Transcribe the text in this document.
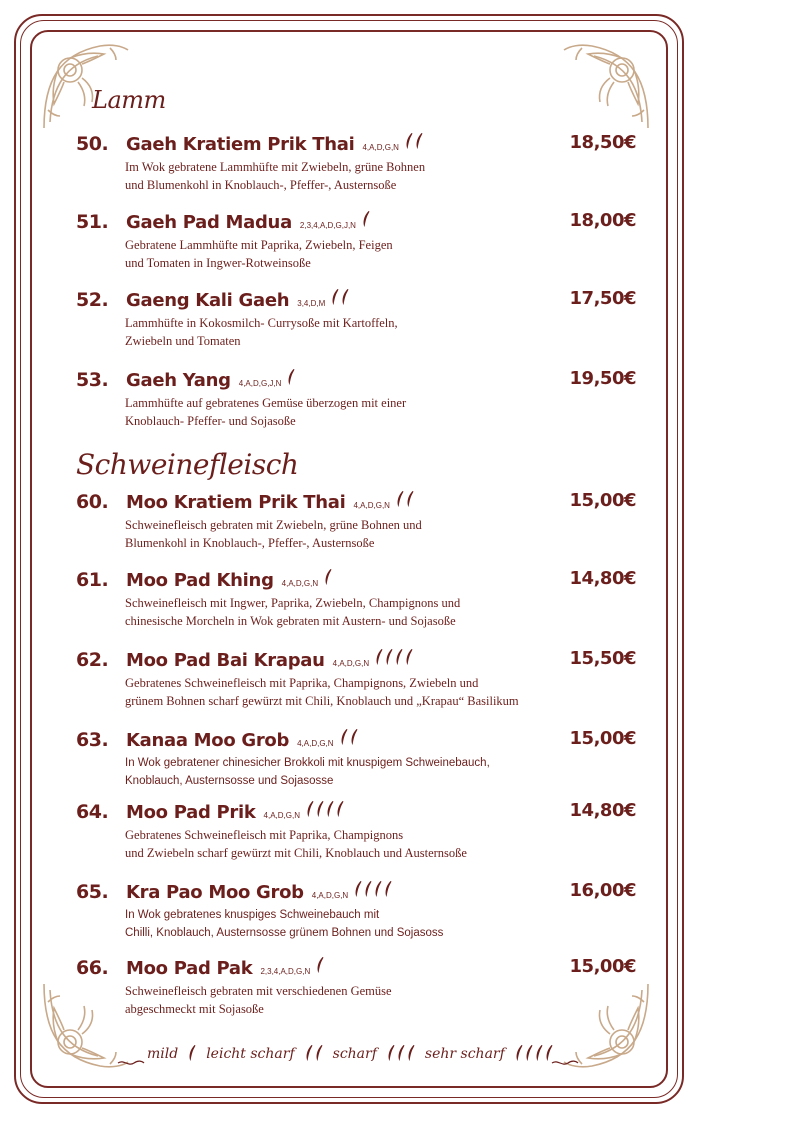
Lamm
Schweinefleisch
50. Gaeh Kratiem Prik Thai 4,A,D,G,N	18,50€
Im Wok gebratene Lammhüfte mit Zwiebeln, grüne Bohnen
und Blumenkohl in Knoblauch-, Pfeffer-, Austernsoße
51. Gaeh Pad Madua 2,3,4,A,D,G,J,N	18,00€
Gebratene Lammhüfte mit Paprika, Zwiebeln, Feigen
und Tomaten in Ingwer-Rotweinsoße
52. Gaeng Kali Gaeh 3,4,D,M	17,50€
Lammhüfte in Kokosmilch- Currysoße mit Kartoffeln,
Zwiebeln und Tomaten
53. Gaeh Yang 4,A,D,G,J,N	19,50€
Lammhüfte auf gebratenes Gemüse überzogen mit einer
Knoblauch- Pfeffer- und Sojasoße
60. Moo Kratiem Prik Thai 4,A,D,G,N	15,00€
Schweinefleisch gebraten mit Zwiebeln, grüne Bohnen und
Blumenkohl in Knoblauch-, Pfeffer-, Austernsoße
61. Moo Pad Khing 4,A,D,G,N	14,80€
Schweinefleisch mit Ingwer, Paprika, Zwiebeln, Champignons und
chinesische Morcheln in Wok gebraten mit Austern- und Sojasoße
62. Moo Pad Bai Krapau 4,A,D,G,N	15,50€
Gebratenes Schweinefleisch mit Paprika, Champignons, Zwiebeln und
grünem Bohnen scharf gewürzt mit Chili, Knoblauch und „Krapau“ Basilikum
63. Kanaa Moo Grob 4,A,D,G,N	15,00€
In Wok gebratener chinesicher Brokkoli mit knuspigem Schweinebauch,
Knoblauch, Austernsosse und Sojasosse
64. Moo Pad Prik 4,A,D,G,N	14,80€
Gebratenes Schweinefleisch mit Paprika, Champignons
und Zwiebeln scharf gewürzt mit Chili, Knoblauch und Austernsoße
65. Kra Pao Moo Grob 4,A,D,G,N	16,00€
In Wok gebratenes knuspiges Schweinebauch mit
Chilli, Knoblauch, Austernsosse grünem Bohnen und Sojasoss
66. Moo Pad Pak 2,3,4,A,D,G,N	15,00€
Schweinefleisch gebraten mit verschiedenen Gemüse
abgeschmeckt mit Sojasoße
mild leicht scharf	scharf	sehr scharf
